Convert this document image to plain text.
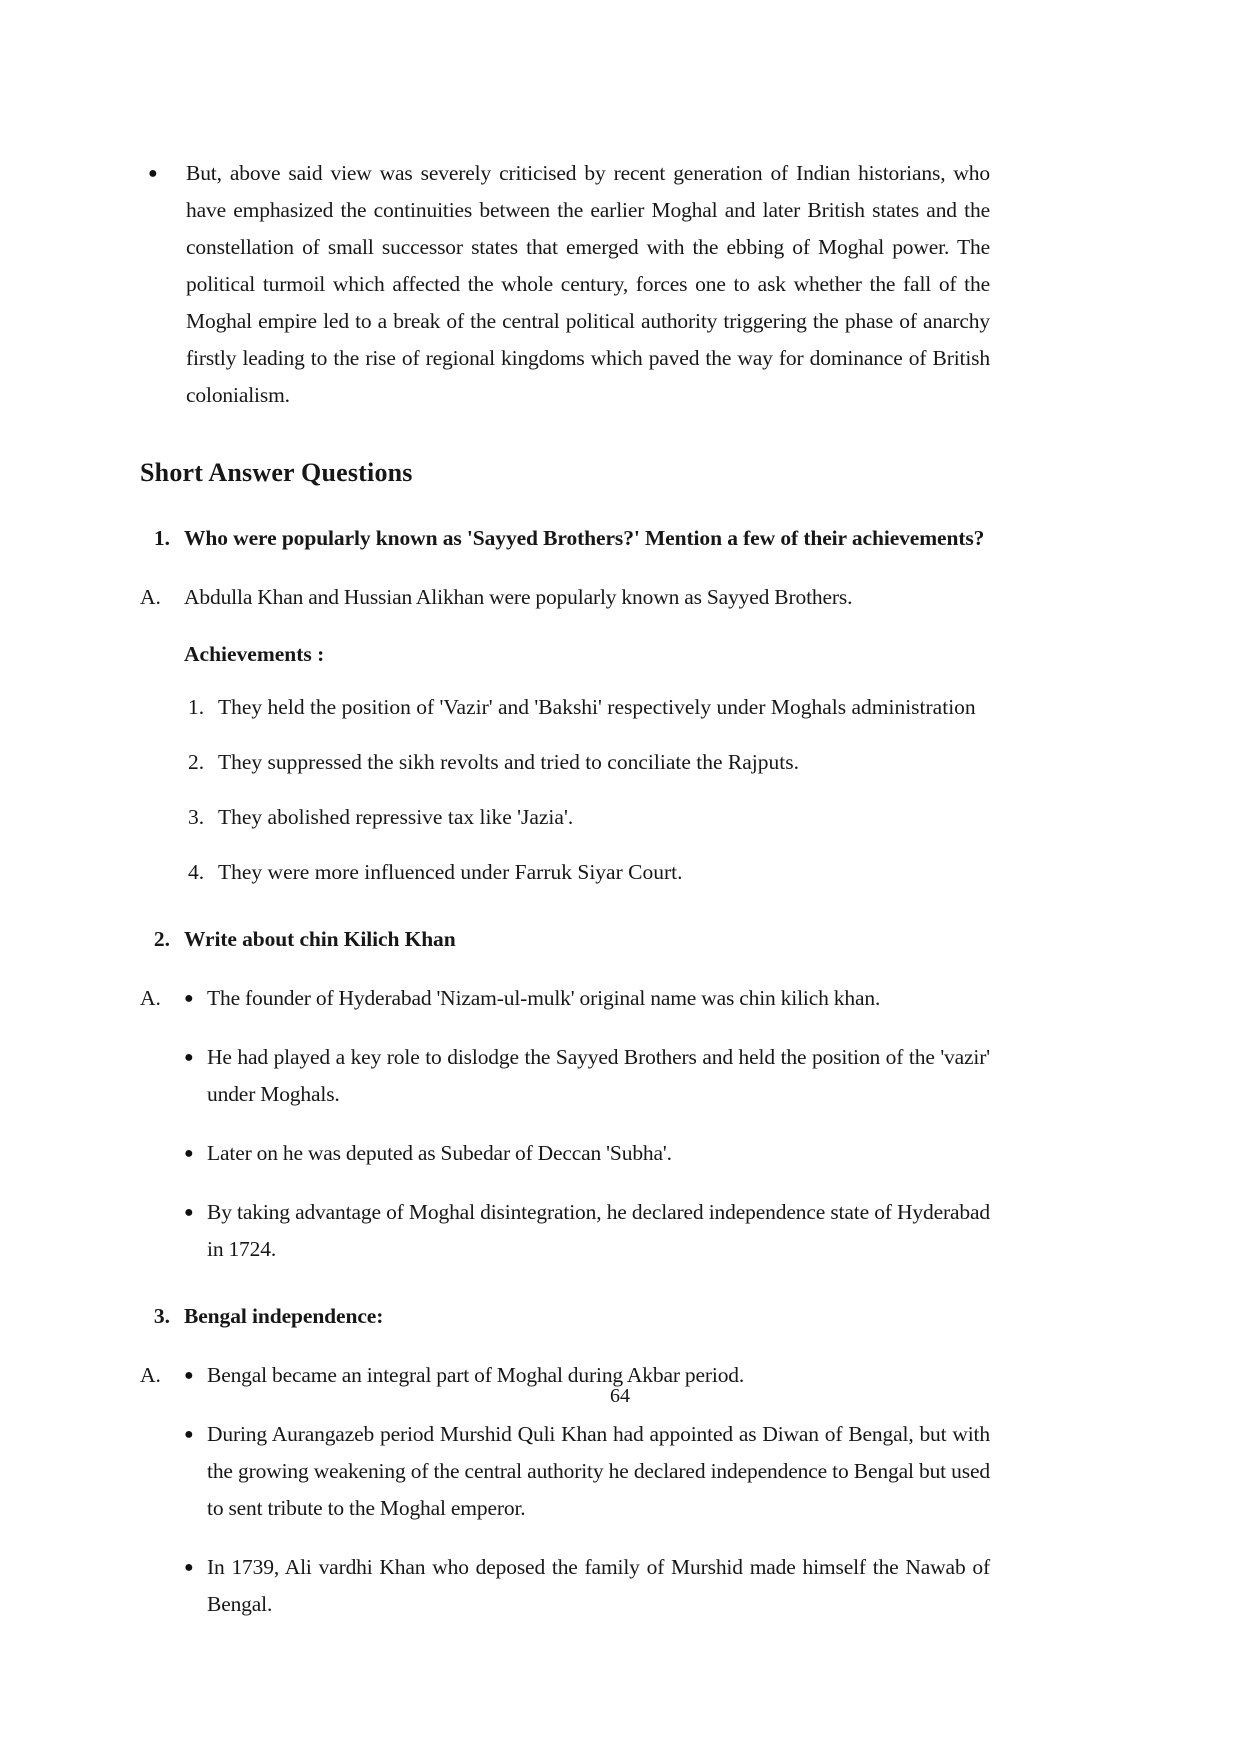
●	But, above said view was severely criticised by recent generation of Indian historians, who have emphasized the continuities between the earlier Moghal and later British states and the constellation of small successor states that emerged with the ebbing of Moghal power. The political turmoil which affected the whole century, forces one to ask whether the fall of the Moghal empire led to a break of the central political authority triggering the phase of anarchy firstly leading to the rise of regional kingdoms which paved the way for dominance of British colonialism.
Short Answer Questions
1. Who were popularly known as 'Sayyed Brothers?' Mention a few of their achievements?
A.	Abdulla Khan and Hussian Alikhan were popularly known as Sayyed Brothers.
Achievements :
1. They held the position of 'Vazir' and 'Bakshi' respectively under Moghals administration
2. They suppressed the sikh revolts and tried to conciliate the Rajputs.
3. They abolished repressive tax like 'Jazia'.
4. They were more influenced under Farruk Siyar Court.
2. Write about chin Kilich Khan
A.	● The founder of Hyderabad 'Nizam-ul-mulk' original name was chin kilich khan.
● He had played a key role to dislodge the Sayyed Brothers and held the position of the 'vazir' under Moghals.
● Later on he was deputed as Subedar of Deccan 'Subha'.
● By taking advantage of Moghal disintegration, he declared independence state of Hyderabad in 1724.
3. Bengal independence:
A.	● Bengal became an integral part of Moghal during Akbar period.
● During Aurangazeb period Murshid Quli Khan had appointed as Diwan of Bengal, but with the growing weakening of the central authority he declared independence to Bengal but used to sent tribute to the Moghal emperor.
● In 1739, Ali vardhi Khan who deposed the family of Murshid made himself the Nawab of Bengal.
64
